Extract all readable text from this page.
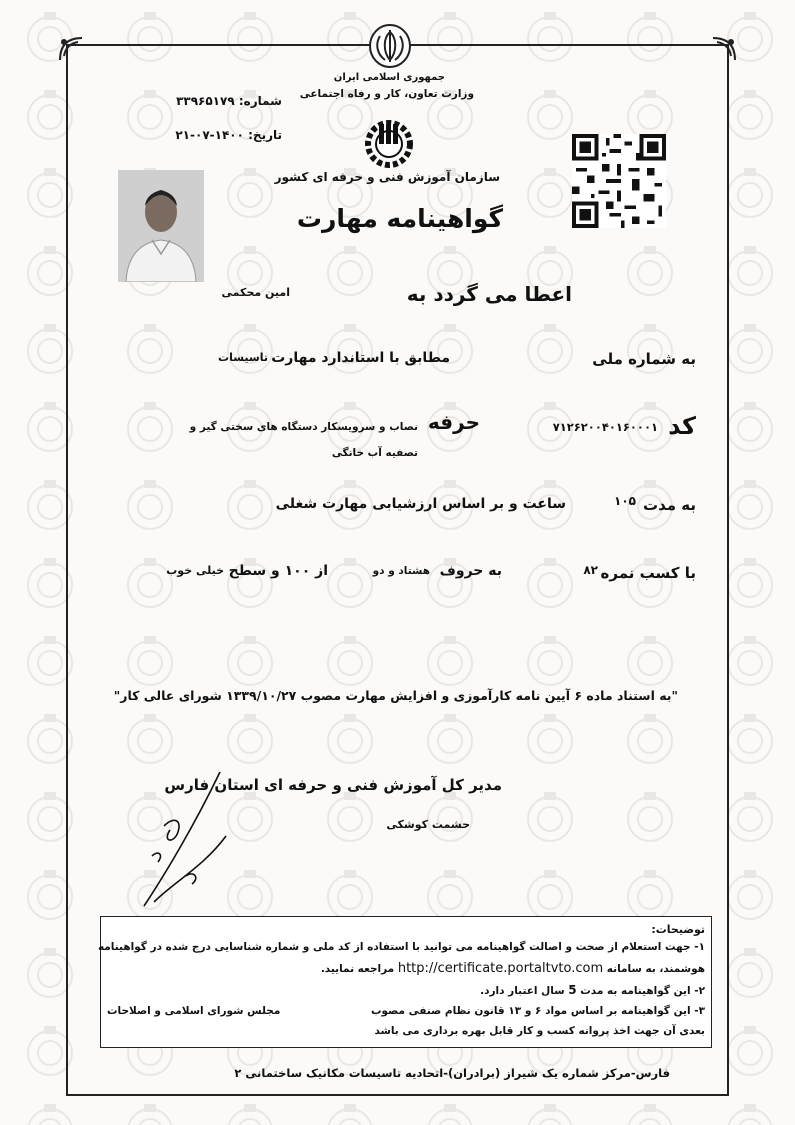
جمهوری اسلامی ایران
وزارت تعاون، کار و رفاه اجتماعی
سازمان آموزش فنی و حرفه ای کشور
شماره: ۳۳۹۶۵۱۷۹
تاریخ: ۱۴۰۰-۰۷-۲۱
گواهینامه مهارت
اعطا می گردد به
امین محکمی
به شماره ملی
مطابق با استاندارد مهارت
تاسیسات
کد
۷۱۲۶۲۰۰۴۰۱۶۰۰۰۱
حرفه
نصاب و سرویسکار دستگاه های سختی گیر و
تصفیه آب خانگی
به مدت
۱۰۵
ساعت و بر اساس ارزشیابی مهارت شغلی
با کسب نمره
۸۲
به حروف
هشتاد و دو
از ۱۰۰ و سطح
خیلی خوب
"به استناد ماده ۶ آیین نامه کارآموزی و افزایش مهارت مصوب ۱۳۳۹/۱۰/۲۷ شورای عالی کار"
مدیر کل آموزش فنی و حرفه ای استان فارس
حشمت کوشکی
توضیحات:
۱- جهت استعلام از صحت و اصالت گواهینامه می توانید با استفاده از کد ملی و شماره شناسایی درج شده در گواهینامه
هوشمند، به سامانه http://certificate.portaltvto.com مراجعه نمایید.
۲- این گواهینامه به مدت 5 سال اعتبار دارد.
۳- این گواهینامه بر اساس مواد ۶ و ۱۳ قانون نظام صنفی مصوب
مجلس شورای اسلامی و اصلاحات
بعدی آن جهت اخذ پروانه کسب و کار قابل بهره برداری می باشد
فارس-مرکز شماره یک شیراز (برادران)-اتحادیه تاسیسات مکانیک ساختمانی ۲
